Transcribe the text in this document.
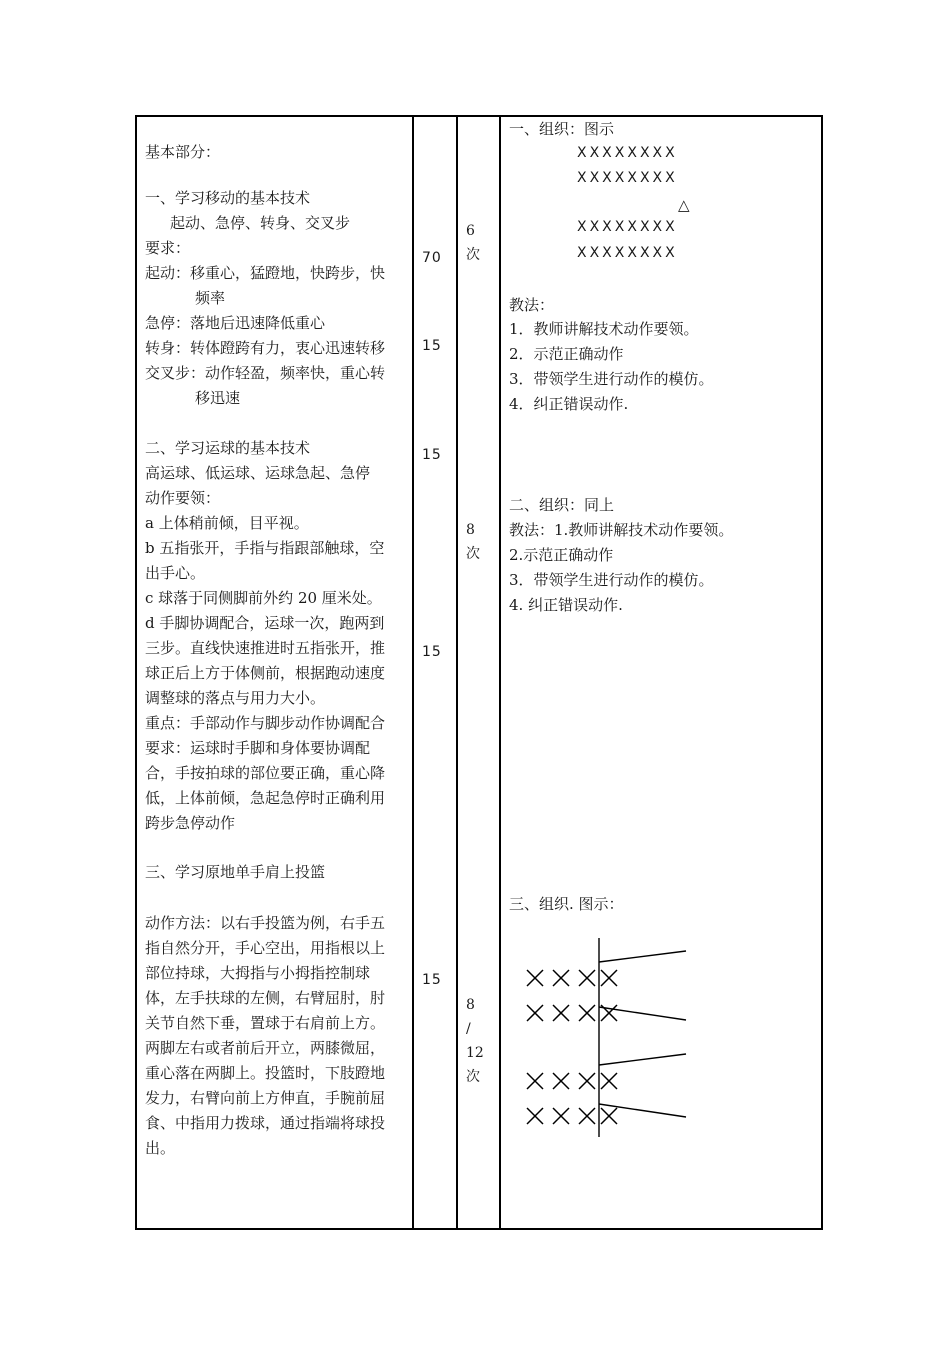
基本部分：
一、学习移动的基本技术
起动、急停、转身、交叉步
要求：
起动：移重心，猛蹬地，快跨步，快
频率
急停：落地后迅速降低重心
转身：转体蹬跨有力，衷心迅速转移
交叉步：动作轻盈，频率快，重心转
移迅速
二、学习运球的基本技术
高运球、低运球、运球急起、急停
动作要领：
a 上体稍前倾，目平视。
b 五指张开，手指与指跟部触球，空
出手心。
c 球落于同侧脚前外约 20 厘米处。
d 手脚协调配合，运球一次，跑两到
三步。直线快速推进时五指张开，推
球正后上方于体侧前，根据跑动速度
调整球的落点与用力大小。
重点：手部动作与脚步动作协调配合
要求：运球时手脚和身体要协调配
合，手按拍球的部位要正确，重心降
低，上体前倾，急起急停时正确利用
跨步急停动作
三、学习原地单手肩上投篮
动作方法：以右手投篮为例，右手五
指自然分开，手心空出，用指根以上
部位持球，大拇指与小拇指控制球
体，左手扶球的左侧，右臂屈肘，肘
关节自然下垂，置球于右肩前上方。
两脚左右或者前后开立，两膝微屈，
重心落在两脚上。投篮时，下肢蹬地
发力，右臂向前上方伸直，手腕前屈
食、中指用力拨球，通过指端将球投
出。
70
15
15
15
15
6
次
8
次
8
/
12
次
一、组织：图示
XXXXXXXX
XXXXXXXX
△
XXXXXXXX
XXXXXXXX
教法：
1．教师讲解技术动作要领。
2．示范正确动作
3．带领学生进行动作的模仿。
4．纠正错误动作.
二、组织：同上
教法：1.教师讲解技术动作要领。
2.示范正确动作
3．带领学生进行动作的模仿。
4. 纠正错误动作.
三、组织. 图示：
